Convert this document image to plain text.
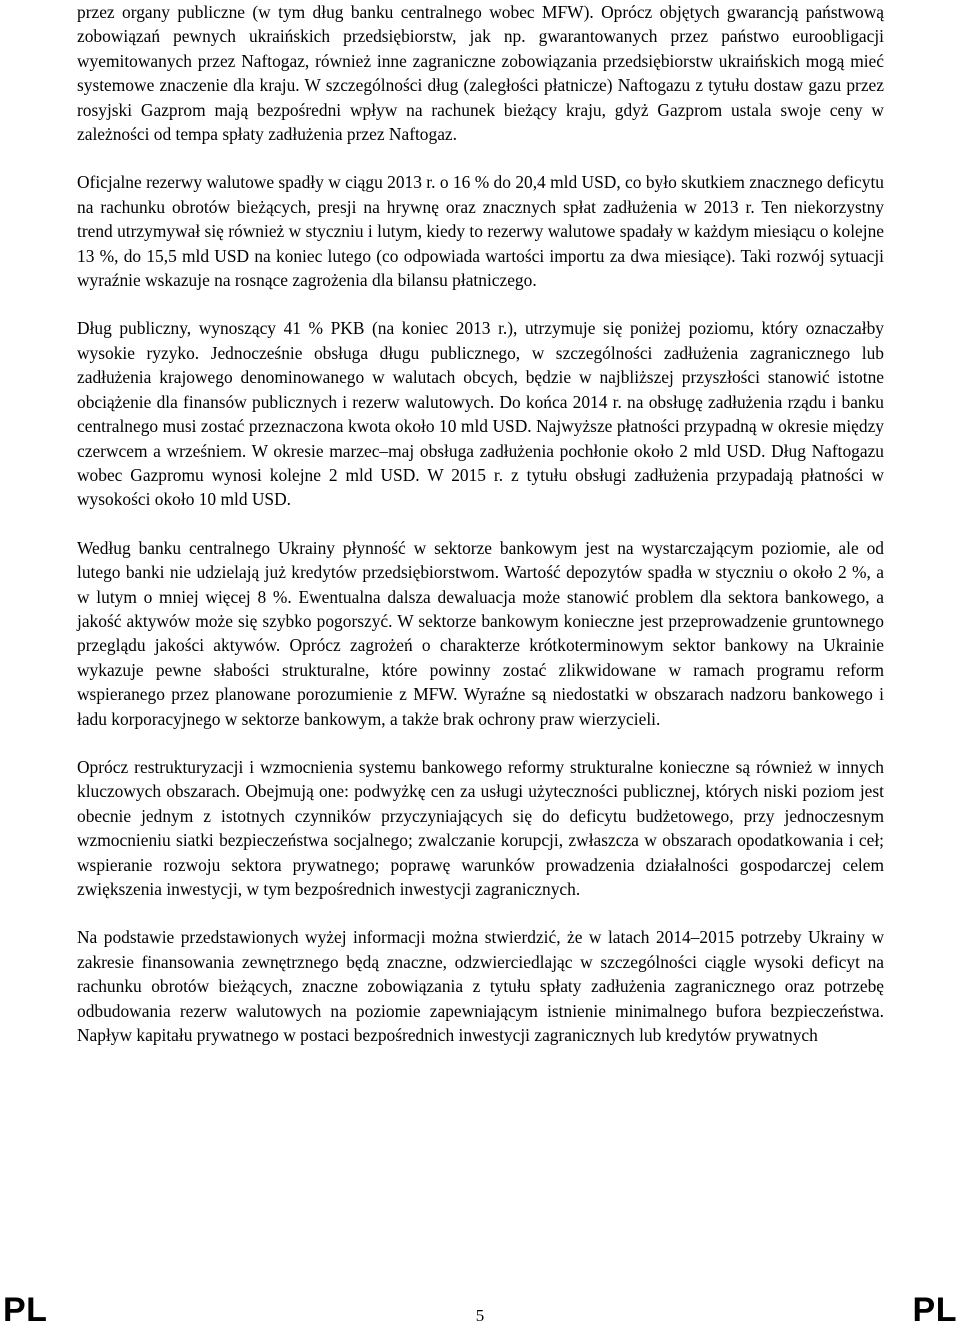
przez organy publiczne (w tym dług banku centralnego wobec MFW). Oprócz objętych gwarancją państwową zobowiązań pewnych ukraińskich przedsiębiorstw, jak np. gwarantowanych przez państwo euroobligacji wyemitowanych przez Naftogaz, również inne zagraniczne zobowiązania przedsiębiorstw ukraińskich mogą mieć systemowe znaczenie dla kraju. W szczególności dług (zaległości płatnicze) Naftogazu z tytułu dostaw gazu przez rosyjski Gazprom mają bezpośredni wpływ na rachunek bieżący kraju, gdyż Gazprom ustala swoje ceny w zależności od tempa spłaty zadłużenia przez Naftogaz.

Oficjalne rezerwy walutowe spadły w ciągu 2013 r. o 16 % do 20,4 mld USD, co było skutkiem znacznego deficytu na rachunku obrotów bieżących, presji na hrywnę oraz znacznych spłat zadłużenia w 2013 r. Ten niekorzystny trend utrzymywał się również w styczniu i lutym, kiedy to rezerwy walutowe spadały w każdym miesiącu o kolejne 13 %, do 15,5 mld USD na koniec lutego (co odpowiada wartości importu za dwa miesiące). Taki rozwój sytuacji wyraźnie wskazuje na rosnące zagrożenia dla bilansu płatniczego.

Dług publiczny, wynoszący 41 % PKB (na koniec 2013 r.), utrzymuje się poniżej poziomu, który oznaczałby wysokie ryzyko. Jednocześnie obsługa długu publicznego, w szczególności zadłużenia zagranicznego lub zadłużenia krajowego denominowanego w walutach obcych, będzie w najbliższej przyszłości stanowić istotne obciążenie dla finansów publicznych i rezerw walutowych. Do końca 2014 r. na obsługę zadłużenia rządu i banku centralnego musi zostać przeznaczona kwota około 10 mld USD. Najwyższe płatności przypadną w okresie między czerwcem a wrześniem. W okresie marzec–maj obsługa zadłużenia pochłonie około 2 mld USD. Dług Naftogazu wobec Gazpromu wynosi kolejne 2 mld USD. W 2015 r. z tytułu obsługi zadłużenia przypadają płatności w wysokości około 10 mld USD.

Według banku centralnego Ukrainy płynność w sektorze bankowym jest na wystarczającym poziomie, ale od lutego banki nie udzielają już kredytów przedsiębiorstwom. Wartość depozytów spadła w styczniu o około 2 %, a w lutym o mniej więcej 8 %. Ewentualna dalsza dewaluacja może stanowić problem dla sektora bankowego, a jakość aktywów może się szybko pogorszyć. W sektorze bankowym konieczne jest przeprowadzenie gruntownego przeglądu jakości aktywów. Oprócz zagrożeń o charakterze krótkoterminowym sektor bankowy na Ukrainie wykazuje pewne słabości strukturalne, które powinny zostać zlikwidowane w ramach programu reform wspieranego przez planowane porozumienie z MFW. Wyraźne są niedostatki w obszarach nadzoru bankowego i ładu korporacyjnego w sektorze bankowym, a także brak ochrony praw wierzycieli.

Oprócz restrukturyzacji i wzmocnienia systemu bankowego reformy strukturalne konieczne są również w innych kluczowych obszarach. Obejmują one: podwyżkę cen za usługi użyteczności publicznej, których niski poziom jest obecnie jednym z istotnych czynników przyczyniających się do deficytu budżetowego, przy jednoczesnym wzmocnieniu siatki bezpieczeństwa socjalnego; zwalczanie korupcji, zwłaszcza w obszarach opodatkowania i ceł; wspieranie rozwoju sektora prywatnego; poprawę warunków prowadzenia działalności gospodarczej celem zwiększenia inwestycji, w tym bezpośrednich inwestycji zagranicznych.

Na podstawie przedstawionych wyżej informacji można stwierdzić, że w latach 2014–2015 potrzeby Ukrainy w zakresie finansowania zewnętrznego będą znaczne, odzwierciedlając w szczególności ciągle wysoki deficyt na rachunku obrotów bieżących, znaczne zobowiązania z tytułu spłaty zadłużenia zagranicznego oraz potrzebę odbudowania rezerw walutowych na poziomie zapewniającym istnienie minimalnego bufora bezpieczeństwa. Napływ kapitału prywatnego w postaci bezpośrednich inwestycji zagranicznych lub kredytów prywatnych

PL	5	PL
